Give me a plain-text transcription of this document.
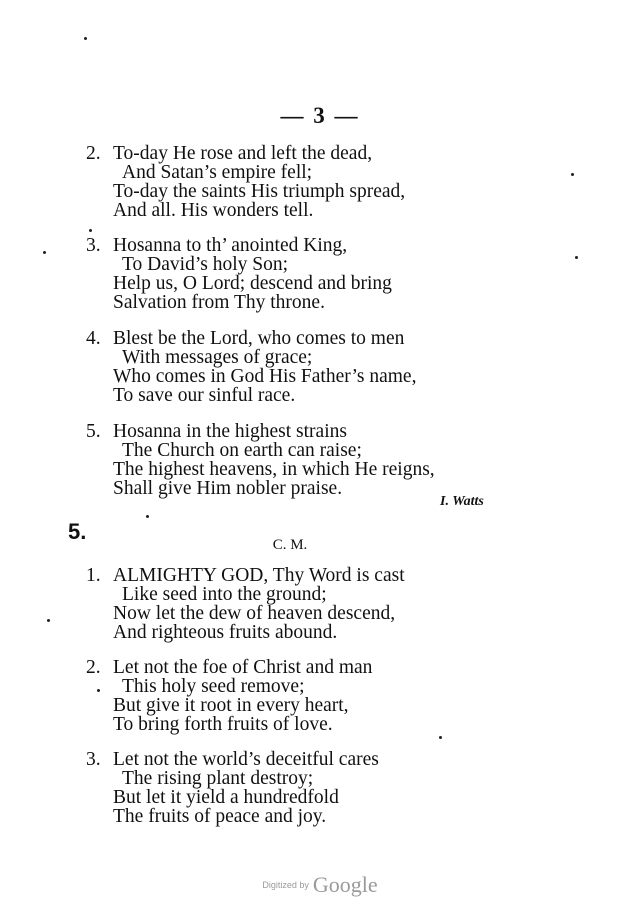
— 3 —
2. To-day He rose and left the dead,
And Satan’s empire fell;
To-day the saints His triumph spread,
And all. His wonders tell.
3. Hosanna to th’ anointed King,
To David’s holy Son;
Help us, O Lord; descend and bring
Salvation from Thy throne.
4. Blest be the Lord, who comes to men
With messages of grace;
Who comes in God His Father’s name,
To save our sinful race.
5. Hosanna in the highest strains
The Church on earth can raise;
The highest heavens, in which He reigns,
Shall give Him nobler praise.
I. Watts
5.
C. M.
1. ALMIGHTY GOD, Thy Word is cast
Like seed into the ground;
Now let the dew of heaven descend,
And righteous fruits abound.
2. Let not the foe of Christ and man
This holy seed remove;
But give it root in every heart,
To bring forth fruits of love.
3. Let not the world’s deceitful cares
The rising plant destroy;
But let it yield a hundredfold
The fruits of peace and joy.
Digitized by Google
